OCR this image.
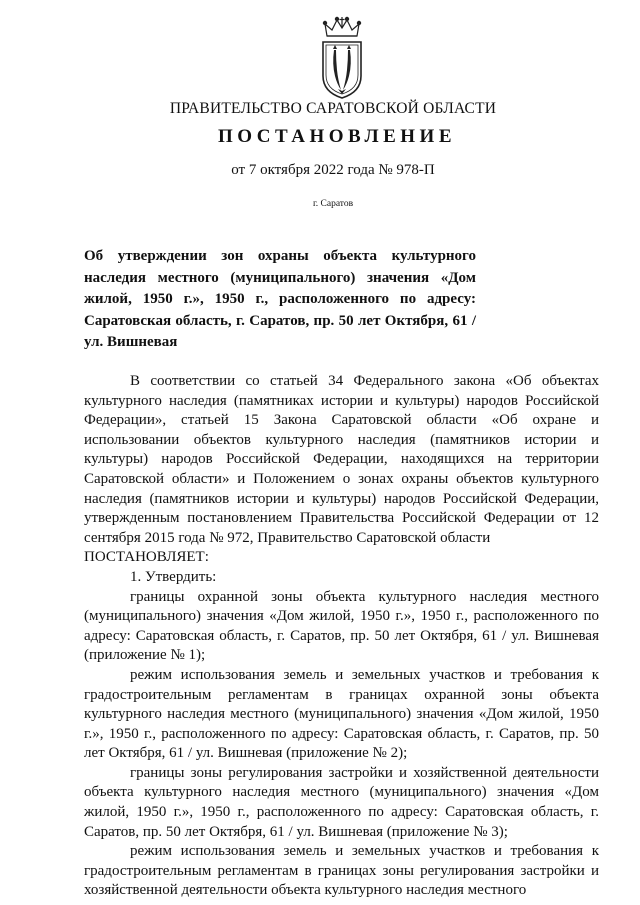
ПРАВИТЕЛЬСТВО САРАТОВСКОЙ ОБЛАСТИ
ПОСТАНОВЛЕНИЕ
от 7 октября 2022 года № 978-П
г. Саратов
Об утверждении зон охраны объекта культурного наследия местного (муниципального) значения «Дом жилой, 1950 г.», 1950 г., расположенного по адресу: Саратовская область, г. Саратов, пр. 50 лет Октября, 61 / ул. Вишневая

В соответствии со статьей 34 Федерального закона «Об объектах культурного наследия (памятниках истории и культуры) народов Российской Федерации», статьей 15 Закона Саратовской области «Об охране и использовании объектов культурного наследия (памятников истории и культуры) народов Российской Федерации, находящихся на территории Саратовской области» и Положением о зонах охраны объектов культурного наследия (памятников истории и культуры) народов Российской Федерации, утвержденным постановлением Правительства Российской Федерации от 12 сентября 2015 года № 972, Правительство Саратовской области

ПОСТАНОВЛЯЕТ:

1. Утвердить:

границы охранной зоны объекта культурного наследия местного (муниципального) значения «Дом жилой, 1950 г.», 1950 г., расположенного по адресу: Саратовская область, г. Саратов, пр. 50 лет Октября, 61 / ул. Вишневая (приложение № 1);

режим использования земель и земельных участков и требования к градостроительным регламентам в границах охранной зоны объекта культурного наследия местного (муниципального) значения «Дом жилой, 1950 г.», 1950 г., расположенного по адресу: Саратовская область, г. Саратов, пр. 50 лет Октября, 61 / ул. Вишневая (приложение № 2);

границы зоны регулирования застройки и хозяйственной деятельности объекта культурного наследия местного (муниципального) значения «Дом жилой, 1950 г.», 1950 г., расположенного по адресу: Саратовская область, г. Саратов, пр. 50 лет Октября, 61 / ул. Вишневая (приложение № 3);

режим использования земель и земельных участков и требования к градостроительным регламентам в границах зоны регулирования застройки и хозяйственной деятельности объекта культурного наследия местного
